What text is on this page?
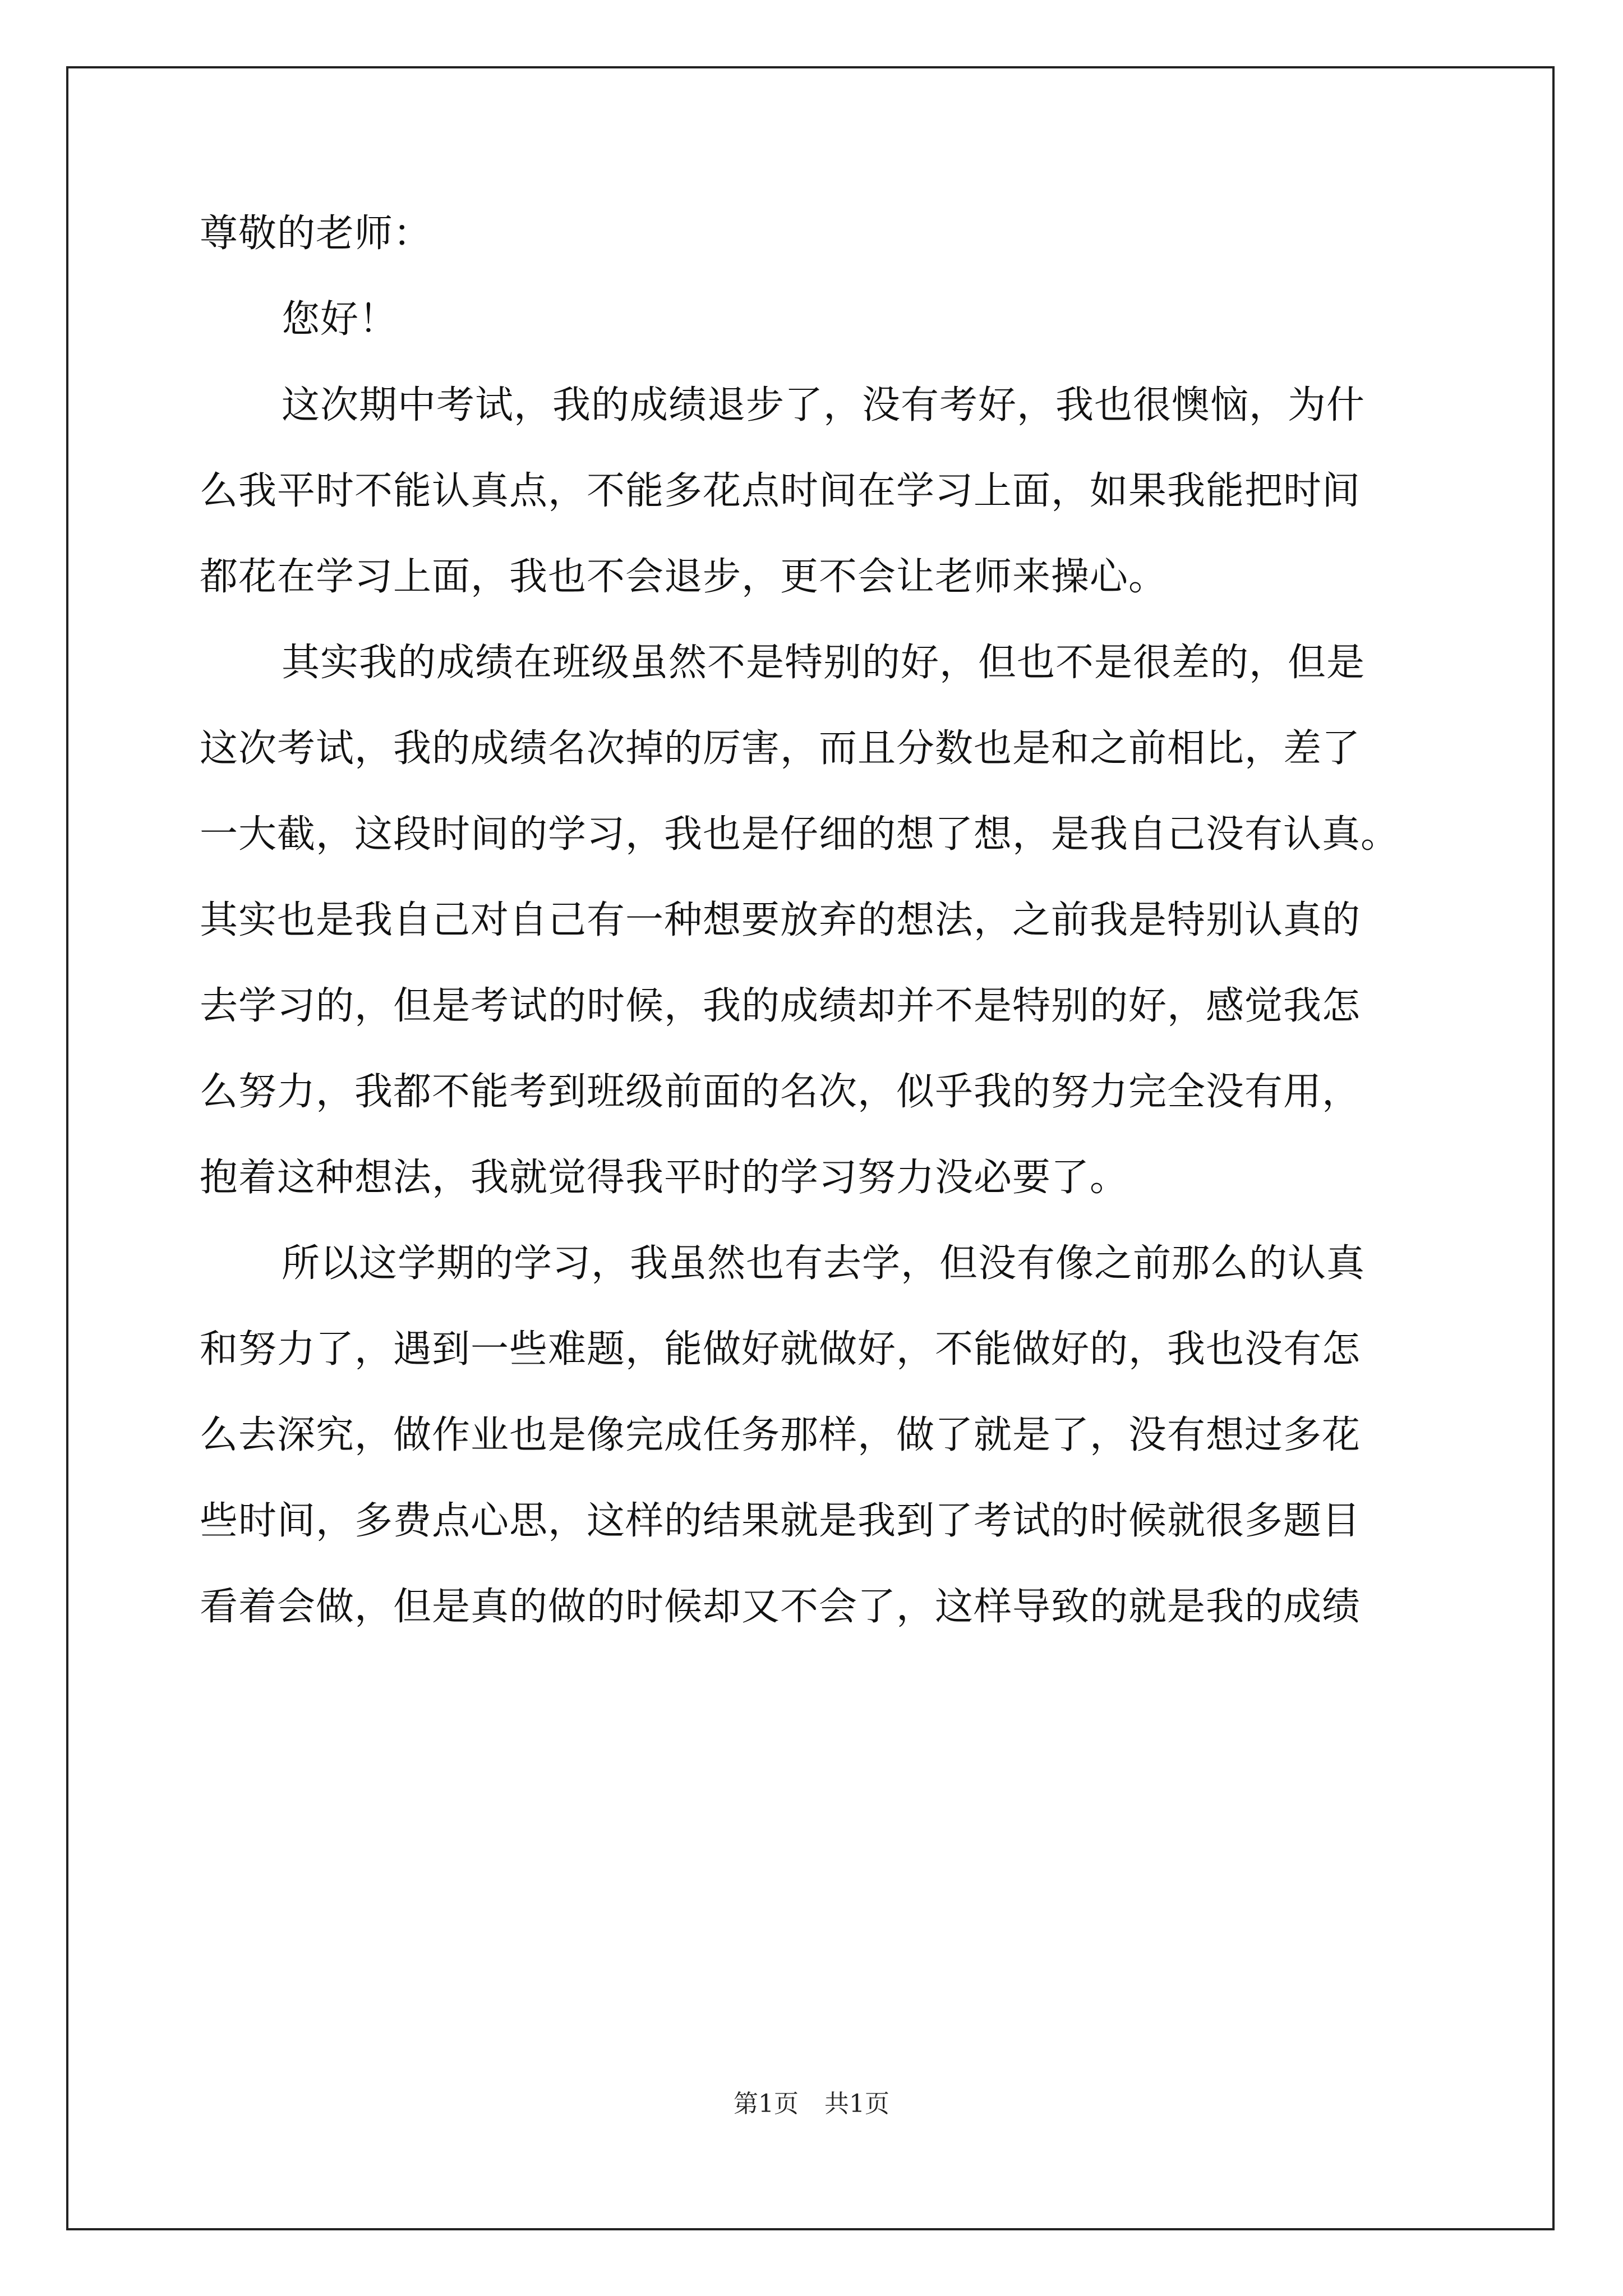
尊敬的老师：
您好！
这次期中考试，我的成绩退步了，没有考好，我也很懊恼，为什
么我平时不能认真点，不能多花点时间在学习上面，如果我能把时间
都花在学习上面，我也不会退步，更不会让老师来操心。
其实我的成绩在班级虽然不是特别的好，但也不是很差的，但是
这次考试，我的成绩名次掉的厉害，而且分数也是和之前相比，差了
一大截，这段时间的学习，我也是仔细的想了想，是我自己没有认真。
其实也是我自己对自己有一种想要放弃的想法，之前我是特别认真的
去学习的，但是考试的时候，我的成绩却并不是特别的好，感觉我怎
么努力，我都不能考到班级前面的名次，似乎我的努力完全没有用，
抱着这种想法，我就觉得我平时的学习努力没必要了。
所以这学期的学习，我虽然也有去学，但没有像之前那么的认真
和努力了，遇到一些难题，能做好就做好，不能做好的，我也没有怎
么去深究，做作业也是像完成任务那样，做了就是了，没有想过多花
些时间，多费点心思，这样的结果就是我到了考试的时候就很多题目
看着会做，但是真的做的时候却又不会了，这样导致的就是我的成绩
第1页 共1页
